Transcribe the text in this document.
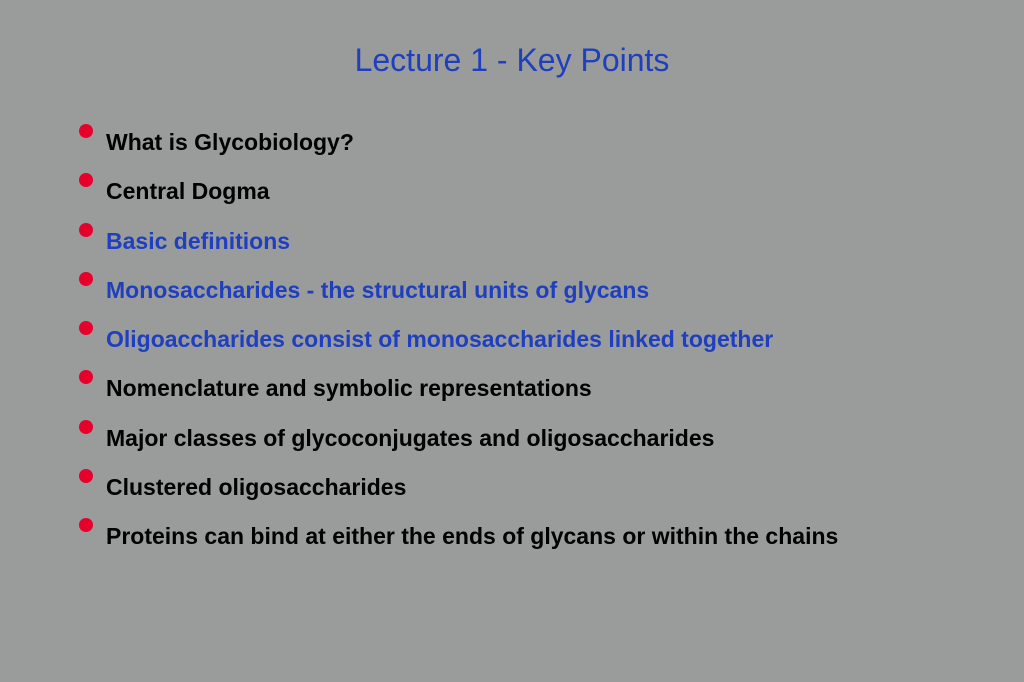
Lecture 1 - Key Points
What is Glycobiology?
Central Dogma
Basic definitions
Monosaccharides - the structural units of glycans
Oligoaccharides consist of monosaccharides linked together
Nomenclature and symbolic representations
Major classes of glycoconjugates and oligosaccharides
Clustered oligosaccharides
Proteins can bind at either the ends of glycans or within the chains
